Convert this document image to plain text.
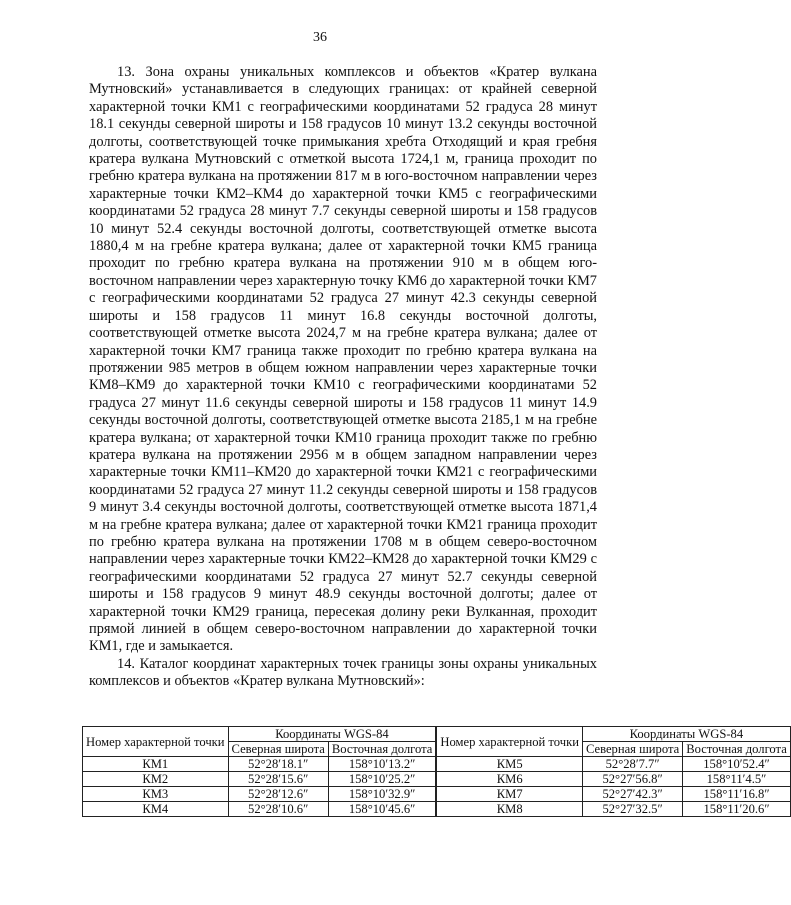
36

13. Зона охраны уникальных комплексов и объектов «Кратер вулкана Мутновский» устанавливается в следующих границах: от крайней северной характерной точки КМ1 с географическими координатами 52 градуса 28 минут 18.1 секунды северной широты и 158 градусов 10 минут 13.2 секунды восточной долготы, соответствующей точке примыкания хребта Отходящий и края гребня кратера вулкана Мутновский с отметкой высота 1724,1 м, граница проходит по гребню кратера вулкана на протяжении 817 м в юго-восточном направлении через характерные точки КМ2–КМ4 до характерной точки КМ5 с географическими координатами 52 градуса 28 минут 7.7 секунды северной широты и 158 градусов 10 минут 52.4 секунды восточной долготы, соответствующей отметке высота 1880,4 м на гребне кратера вулкана; далее от характерной точки КМ5 граница проходит по гребню кратера вулкана на протяжении 910 м в общем юго-восточном направлении через характерную точку КМ6 до характерной точки КМ7 с географическими координатами 52 градуса 27 минут 42.3 секунды северной широты и 158 градусов 11 минут 16.8 секунды восточной долготы, соответствующей отметке высота 2024,7 м на гребне кратера вулкана; далее от характерной точки КМ7 граница также проходит по гребню кратера вулкана на протяжении 985 метров в общем южном направлении через характерные точки КМ8–КМ9 до характерной точки КМ10 с географическими координатами 52 градуса 27 минут 11.6 секунды северной широты и 158 градусов 11 минут 14.9 секунды восточной долготы, соответствующей отметке высота 2185,1 м на гребне кратера вулкана; от характерной точки КМ10 граница проходит также по гребню кратера вулкана на протяжении 2956 м в общем западном направлении через характерные точки КМ11–КМ20 до характерной точки КМ21 с географическими координатами 52 градуса 27 минут 11.2 секунды северной широты и 158 градусов 9 минут 3.4 секунды восточной долготы, соответствующей отметке высота 1871,4 м на гребне кратера вулкана; далее от характерной точки КМ21 граница проходит по гребню кратера вулкана на протяжении 1708 м в общем северо-восточном направлении через характерные точки КМ22–КМ28 до характерной точки КМ29 с географическими координатами 52 градуса 27 минут 52.7 секунды северной широты и 158 градусов 9 минут 48.9 секунды восточной долготы; далее от характерной точки КМ29 граница, пересекая долину реки Вулканная, проходит прямой линией в общем северо-восточном направлении до характерной точки КМ1, где и замыкается.

14. Каталог координат характерных точек границы зоны охраны уникальных комплексов и объектов «Кратер вулкана Мутновский»:

Номер характерной точки	Координаты WGS-84	
	Северная широта	Восточная долгота
КМ1	52°28′18.1″	158°10′13.2″
КМ2	52°28′15.6″	158°10′25.2″
КМ3	52°28′12.6″	158°10′32.9″
КМ4	52°28′10.6″	158°10′45.6″
Номер характерной точки	Координаты WGS-84	
	Северная широта	Восточная долгота
КМ5	52°28′7.7″	158°10′52.4″
КМ6	52°27′56.8″	158°11′4.5″
КМ7	52°27′42.3″	158°11′16.8″
КМ8	52°27′32.5″	158°11′20.6″
